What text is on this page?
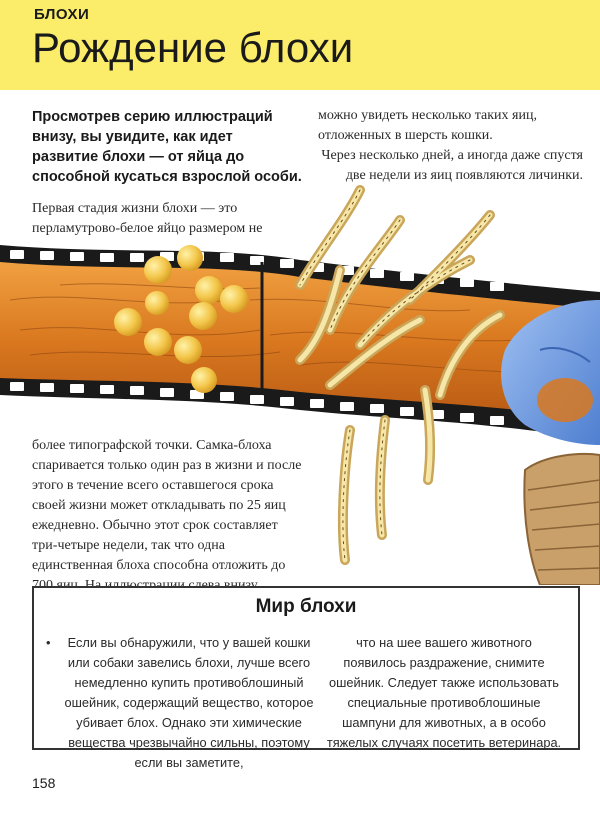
БЛОХИ
Рождение блохи
Просмотрев серию иллюстраций внизу, вы увидите, как идет развитие блохи — от яйца до способной кусаться взрослой особи.
можно увидеть несколько таких яиц, отложенных в шерсть кошки.
Через несколько дней, а иногда даже спустя две недели из яиц появляются личинки.
Первая стадия жизни блохи — это перламутрово-белое яйцо размером не
более типографской точки. Самка-блоха спаривается только один раз в жизни и после этого в течение всего оставшегося срока своей жизни может откладывать по 25 яиц ежедневно. Обычно этот срок составляет три-четыре недели, так что одна единственная блоха способна отложить до
Мир блохи
• Если вы обнаружили, что у вашей кошки или собаки завелись блохи, лучше всего немедленно купить противоблошиный ошейник, содержащий вещество, которое убивает блох. Однако эти химические вещества чрезвычайно сильны, поэтому если вы заметите,
что на шее вашего животного появилось раздражение, снимите ошейник. Следует также использовать специальные противоблошиные шампуни для животных, а в особо тяжелых случаях посетить ветеринара.
158
